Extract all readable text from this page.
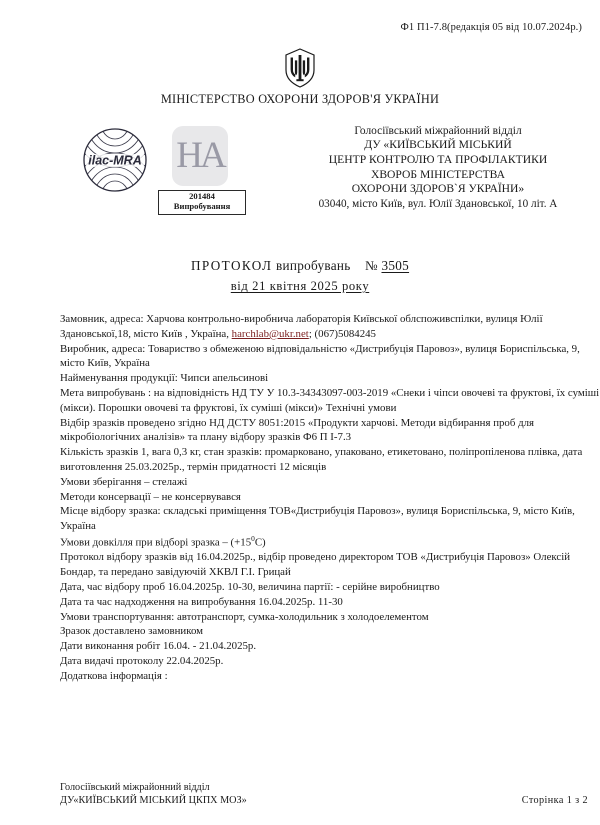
Ф1 П1-7.8(редакція 05 від 10.07.2024р.)
МІНІСТЕРСТВО ОХОРОНИ ЗДОРОВ'Я УКРАЇНИ
ilac-MRA НА
201484
Випробування
Голосіївський міжрайонний відділ
ДУ «КИЇВСЬКИЙ МІСЬКИЙ
ЦЕНТР КОНТРОЛЮ ТА ПРОФІЛАКТИКИ
ХВОРОБ МІНІСТЕРСТВА
ОХОРОНИ ЗДОРОВ`Я УКРАЇНИ»
03040, місто Київ, вул. Юлії Здановської, 10 літ. А
ПРОТОКОЛ випробувань № 3505
від 21 квітня 2025 року

Замовник, адреса: Харчова контрольно-виробнича лабораторія Київської облспоживспілки, вулиця Юлії Здановської,18, місто Київ , Україна, harchlab@ukr.net; (067)5084245

Виробник, адреса: Товариство з обмеженою відповідальністю «Дистрибуція Паровоз», вулиця Бориспільська, 9, місто Київ, Україна

Найменування продукції: Чипси апельсинові

Мета випробувань : на відповідність НД ТУ У 10.3-34343097-003-2019 «Снеки і чіпси овочеві та фруктові, їх суміші (мікси). Порошки овочеві та фруктові, їх суміші (мікси)» Технічні умови

Відбір зразків проведено згідно НД ДСТУ 8051:2015 «Продукти харчові. Методи відбирання проб для мікробіологічних аналізів» та плану відбору зразків Ф6 П І-7.3

Кількість зразків 1, вага 0,3 кг, стан зразків: промарковано, упаковано, етикетовано, поліпропіленова плівка, дата виготовлення 25.03.2025р., термін придатності 12 місяців

Умови зберігання – стелажі

Методи консервації – не консервувався

Місце відбору зразка: складські приміщення ТОВ«Дистрибуція Паровоз», вулиця Бориспільська, 9, місто Київ, Україна

Умови довкілля при відборі зразка – $(+15^0С)$

Протокол відбору зразків від 16.04.2025р., відбір проведено директором ТОВ «Дистрибуція Паровоз» Олексій Бондар, та передано завідуючій ХКВЛ Г.І. Грицай

Дата, час відбору проб 16.04.2025р. 10-30, величина партії: - серійне виробництво

Дата та час надходження на випробування 16.04.2025р. 11-30

Умови транспортування: автотранспорт, сумка-холодильник з холодоелементом

Зразок доставлено замовником

Дати виконання робіт 16.04. - 21.04.2025р.

Дата видачі протоколу 22.04.2025р.

Додаткова інформація :

Голосіївський міжрайонний відділ
ДУ«КИЇВСЬКИЙ МІСЬКИЙ ЦКПХ МОЗ»	Сторінка 1 з 2
